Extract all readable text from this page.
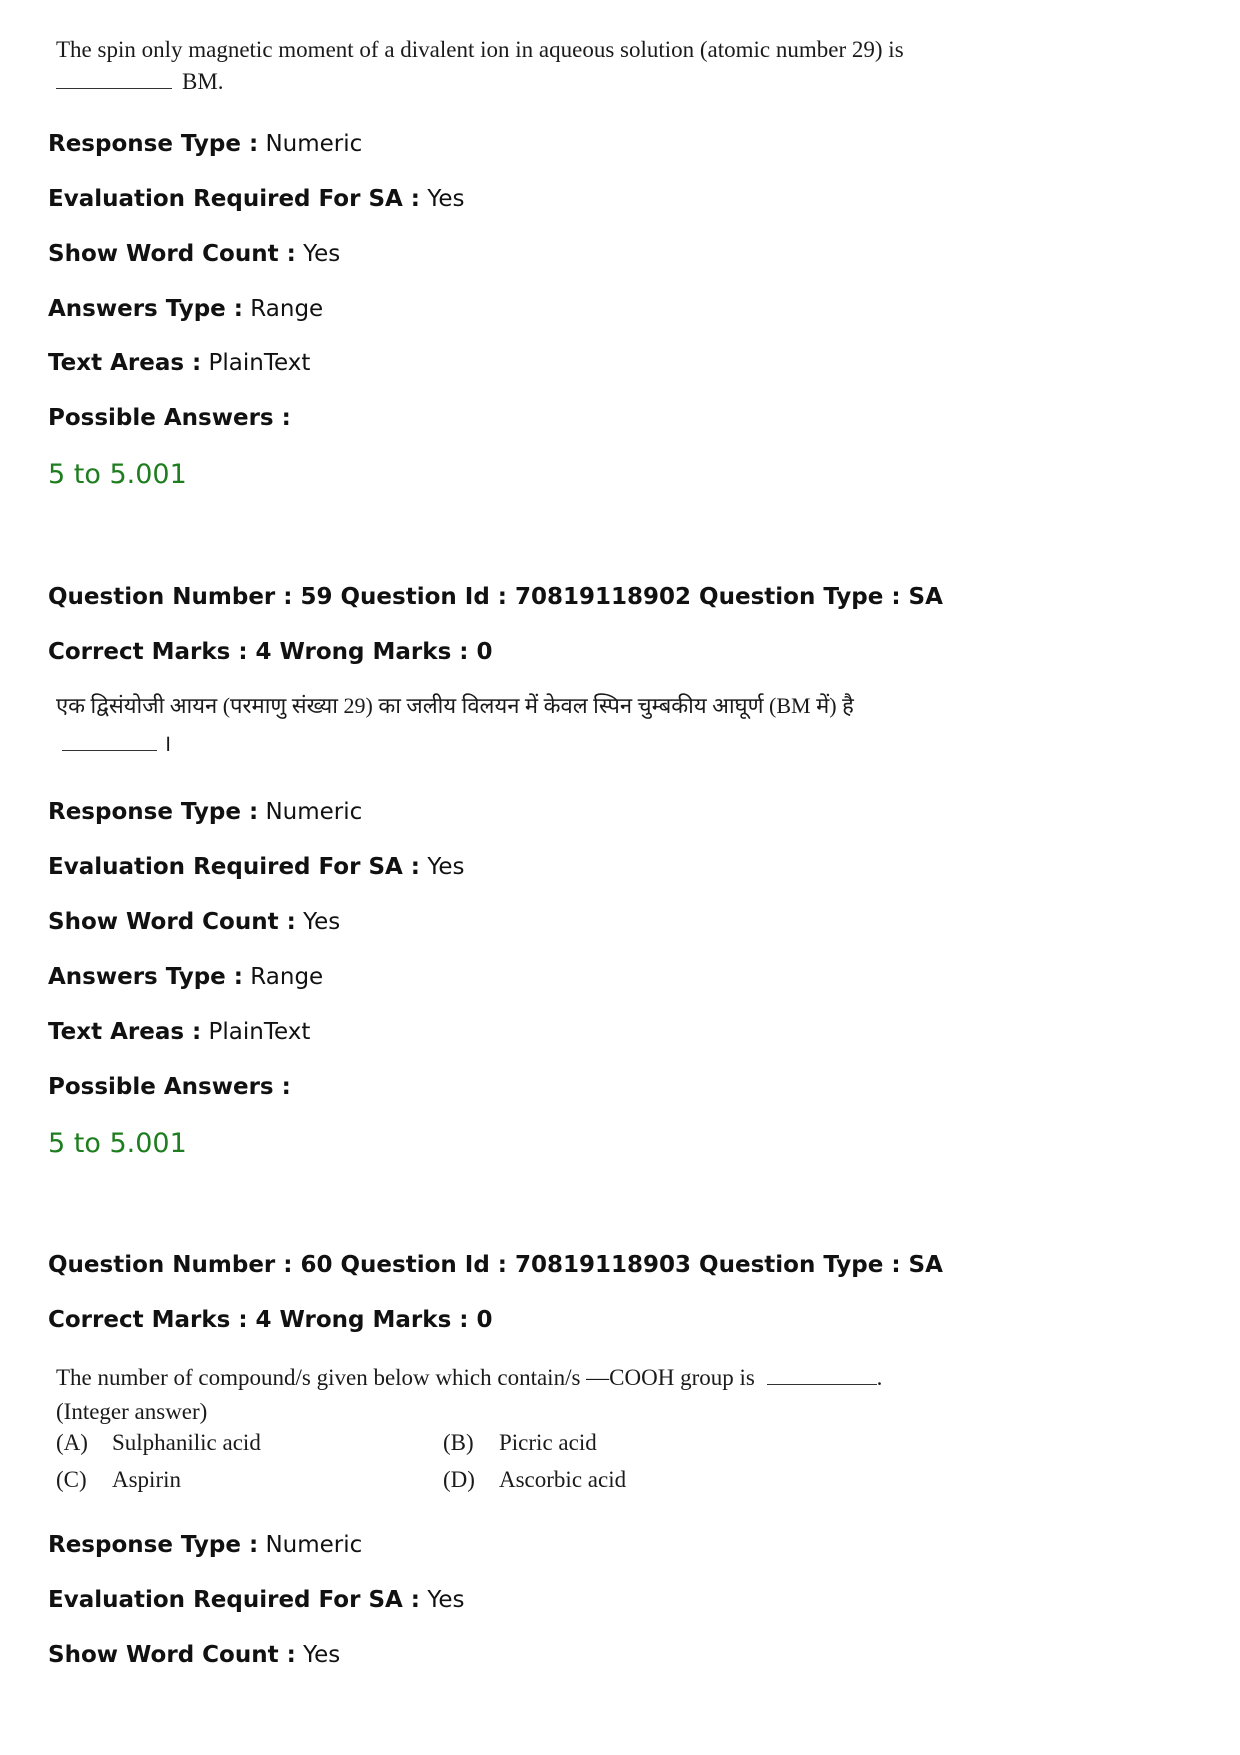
The spin only magnetic moment of a divalent ion in aqueous solution (atomic number 29) is
BM.
Response Type : Numeric
Evaluation Required For SA : Yes
Show Word Count : Yes
Answers Type : Range
Text Areas : PlainText
Possible Answers :
5 to 5.001
Question Number : 59 Question Id : 70819118902 Question Type : SA
Correct Marks : 4 Wrong Marks : 0
एक द्विसंयोजी आयन (परमाणु संख्या 29) का जलीय विलयन में केवल स्पिन चुम्बकीय आघूर्ण (BM में) है
।
Response Type : Numeric
Evaluation Required For SA : Yes
Show Word Count : Yes
Answers Type : Range
Text Areas : PlainText
Possible Answers :
5 to 5.001
Question Number : 60 Question Id : 70819118903 Question Type : SA
Correct Marks : 4 Wrong Marks : 0
The number of compound/s given below which contain/s —COOH group is	.
(Integer answer)
(A) Sulphanilic acid	(B) Picric acid
(C) Aspirin	(D) Ascorbic acid
Response Type : Numeric
Evaluation Required For SA : Yes
Show Word Count : Yes
